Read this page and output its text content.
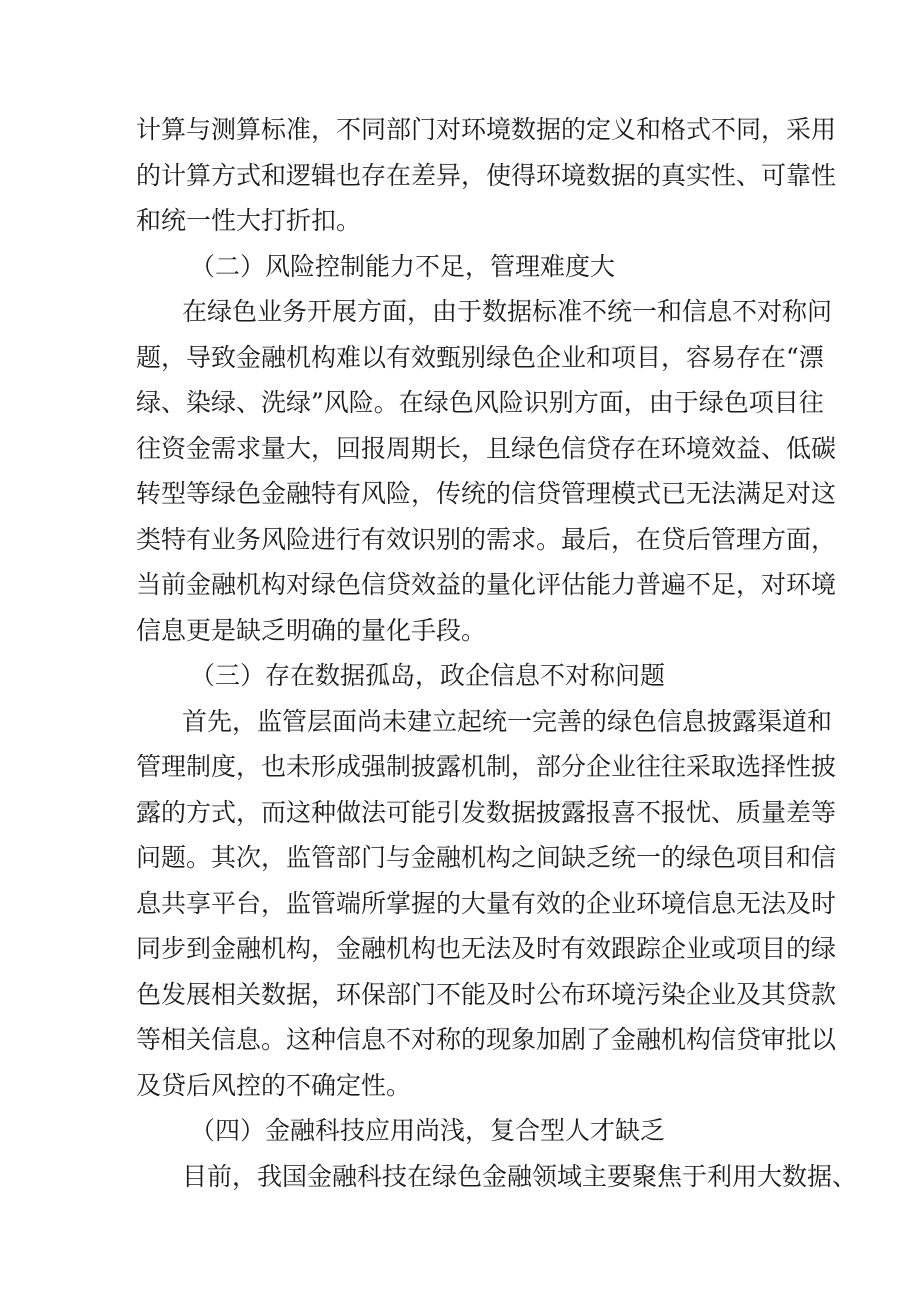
计算与测算标准，不同部门对环境数据的定义和格式不同，采用
的计算方式和逻辑也存在差异，使得环境数据的真实性、可靠性
和统一性大打折扣。
（二）风险控制能力不足，管理难度大
在绿色业务开展方面，由于数据标准不统一和信息不对称问
题，导致金融机构难以有效甄别绿色企业和项目，容易存在“漂
绿、染绿、洗绿”风险。在绿色风险识别方面，由于绿色项目往
往资金需求量大，回报周期长，且绿色信贷存在环境效益、低碳
转型等绿色金融特有风险，传统的信贷管理模式已无法满足对这
类特有业务风险进行有效识别的需求。最后，在贷后管理方面，
当前金融机构对绿色信贷效益的量化评估能力普遍不足，对环境
信息更是缺乏明确的量化手段。
（三）存在数据孤岛，政企信息不对称问题
首先，监管层面尚未建立起统一完善的绿色信息披露渠道和
管理制度，也未形成强制披露机制，部分企业往往采取选择性披
露的方式，而这种做法可能引发数据披露报喜不报忧、质量差等
问题。其次，监管部门与金融机构之间缺乏统一的绿色项目和信
息共享平台，监管端所掌握的大量有效的企业环境信息无法及时
同步到金融机构，金融机构也无法及时有效跟踪企业或项目的绿
色发展相关数据，环保部门不能及时公布环境污染企业及其贷款
等相关信息。这种信息不对称的现象加剧了金融机构信贷审批以
及贷后风控的不确定性。
（四）金融科技应用尚浅，复合型人才缺乏
目前，我国金融科技在绿色金融领域主要聚焦于利用大数据、
